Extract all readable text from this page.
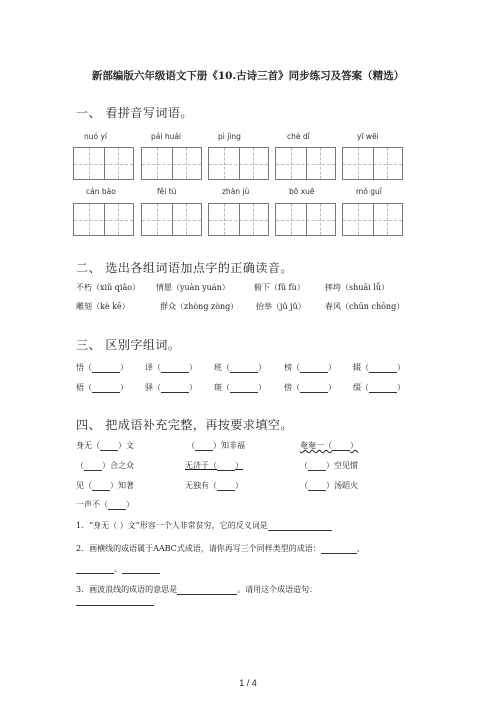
新部编版六年级语文下册《10.古诗三首》同步练习及答案（精选）
一、 看拼音写词语。
nuó yí	pái huái	pì jìng	chè dǐ	yī wēi
cán bào	fěi tú	zhàn jù	bō xuē	mó guǐ
二、 选出各组词语加点字的正确读音。
不朽（xiǔ qiǎo） 情愿（yuàn yuán）	俯下（fǔ fù）	摔垮（shuāi lǚ）
雕刻（kè kē）	群众（zhòng zòng） 抬举（jǔ jǔ） 春风（chūn chōng）
三、 区别字组词。
悟（	） 译（	） 班（	） 榜（	） 辍（	）
梧（	） 驿（	） 斑（	） 傍（	） 缀（	）
四、 把成语补充完整，再按要求填空。
身无（ ）文	（ ）知非福	奄奄一（ ）
（ ）合之众	无济于（ ）	（ ）空见惯
见（ ）知著	无独有（ ）	（ ）汤蹈火
一声不（ ）
1．“身无（ ）文”形容一个人非常贫穷，它的反义词是
2．画横线的成语属于AABC式成语，请你再写三个同样类型的成语：	、
、
3．画波浪线的成语的意思是	。请用这个成语造句：
1 / 4
